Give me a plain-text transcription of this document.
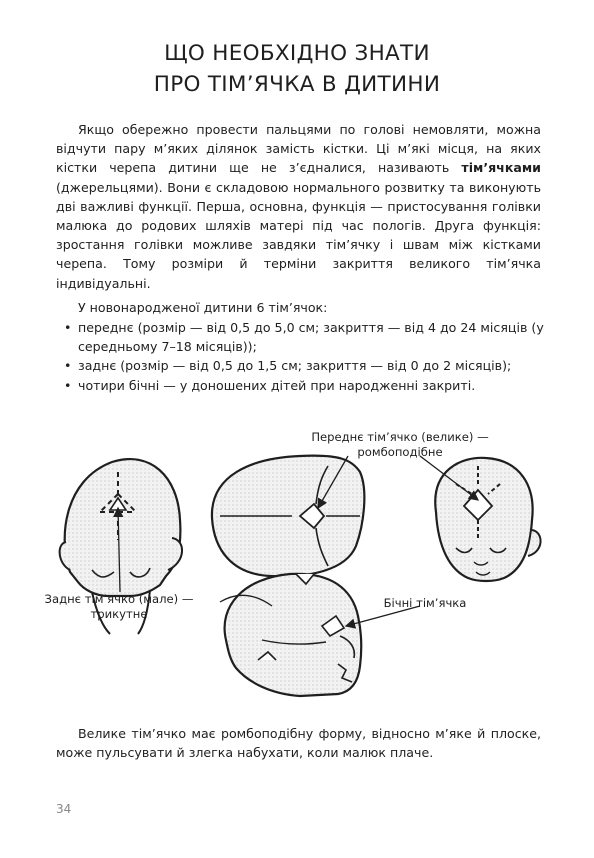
ЩО НЕОБХІДНО ЗНАТИ
ПРО ТІМ’ЯЧКА В ДИТИНИ

Якщо обережно провести пальцями по голові немовляти, можна відчути пару м’яких ділянок замість кістки. Ці м’які місця, на яких кістки черепа дитини ще не з’єдналися, називають тім’ячками (джерельцями). Вони є складовою нормального розвитку та виконують дві важливі функції. Перша, основна, функція — пристосування голівки малюка до родових шляхів матері під час пологів. Друга функція: зростання голівки можливе завдяки тім’ячку і швам між кістками черепа. Тому розміри й терміни закриття великого тім’ячка індивідуальні.

У новонародженої дитини 6 тім’ячок:

• переднє (розмір — від 0,5 до 5,0 см; закриття — від 4 до 24 місяців (у середньому 7–18 місяців));
• заднє (розмір — від 0,5 до 1,5 см; закриття — від 0 до 2 місяців);
• чотири бічні — у доношених дітей при народженні закриті.
Переднє тім’ячко (велике) —
ромбоподібне
Заднє тім’ячко (мале) —
трикутне
Бічні тім’ячка

Велике тім’ячко має ромбоподібну форму, відносно м’яке й плоске, може пульсувати й злегка набухати, коли малюк плаче.

34
